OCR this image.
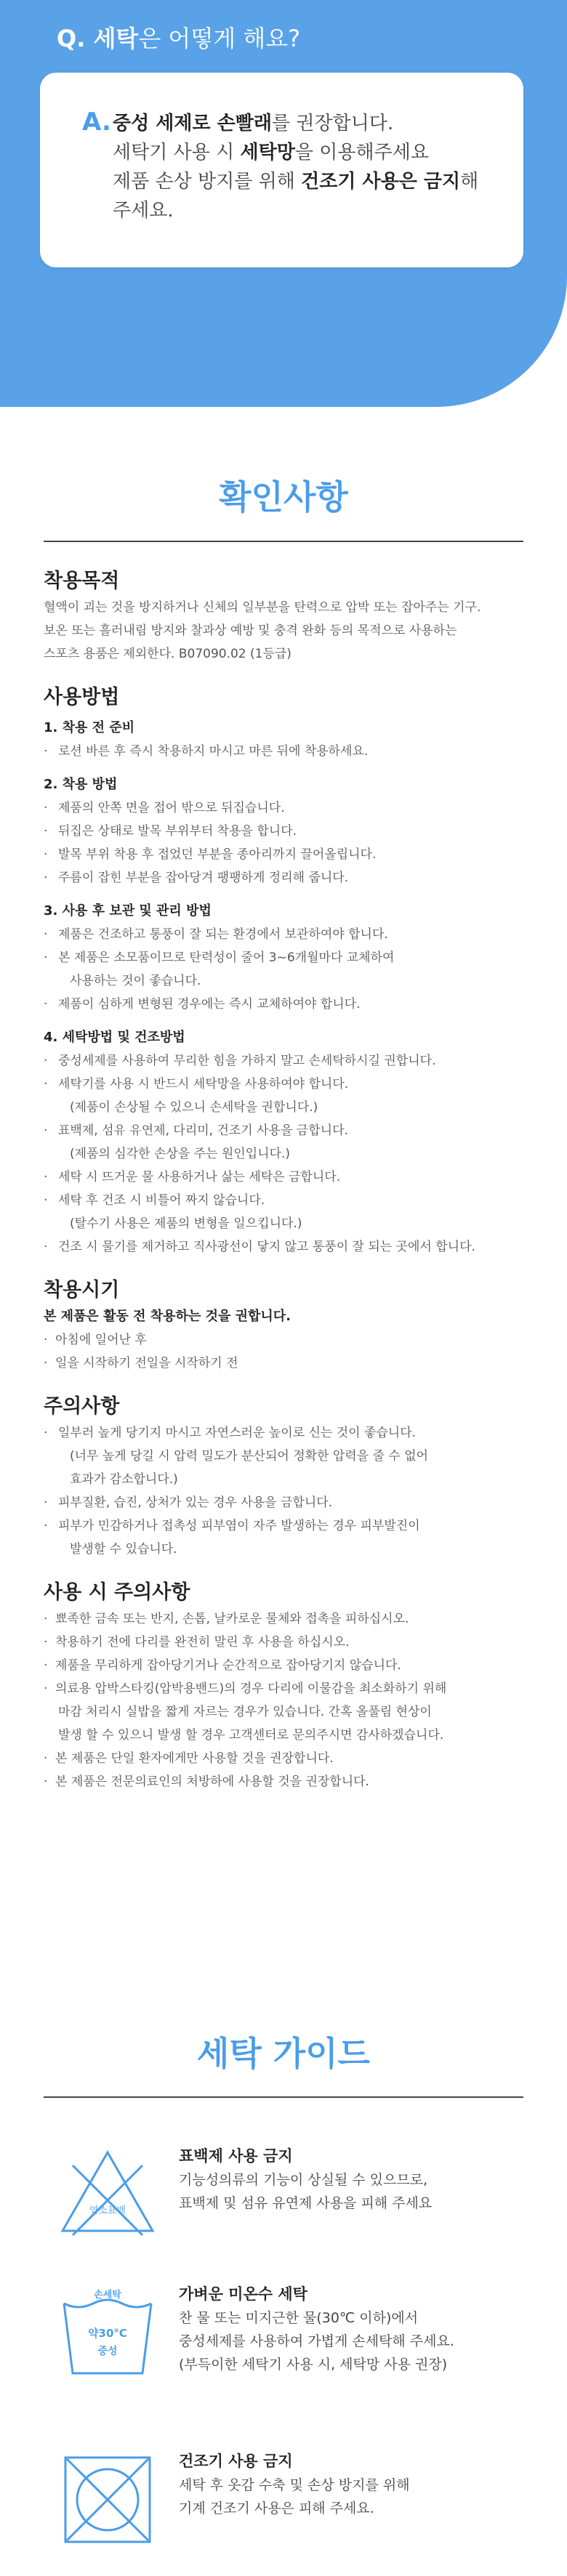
Q. 세탁은 어떻게 해요?
A. 중성 세제로 손빨래를 권장합니다.
세탁기 사용 시 세탁망을 이용해주세요
제품 손상 방지를 위해 건조기 사용은 금지해
주세요.
확인사항
착용목적
혈액이 괴는 것을 방지하거나 신체의 일부분을 탄력으로 압박 또는 잡아주는 기구.
보온 또는 흘러내림 방지와 찰과상 예방 및 충격 완화 등의 목적으로 사용하는
스포츠 용품은 제외한다. B07090.02 (1등급)
사용방법
1. 착용 전 준비
· 로션 바른 후 즉시 착용하지 마시고 마른 뒤에 착용하세요.
2. 착용 방법
· 제품의 안쪽 면을 접어 밖으로 뒤집습니다.
· 뒤집은 상태로 발목 부위부터 착용을 합니다.
· 발목 부위 착용 후 접었던 부분을 종아리까지 끌어올립니다.
· 주름이 잡힌 부분을 잡아당겨 팽팽하게 정리해 줍니다.
3. 사용 후 보관 및 관리 방법
· 제품은 건조하고 통풍이 잘 되는 환경에서 보관하여야 합니다.
· 본 제품은 소모품이므로 탄력성이 줄어 3~6개월마다 교체하여
사용하는 것이 좋습니다.
· 제품이 심하게 변형된 경우에는 즉시 교체하여야 합니다.
4. 세탁방법 및 건조방법
· 중성세제를 사용하여 무리한 힘을 가하지 말고 손세탁하시길 권합니다.
· 세탁기를 사용 시 반드시 세탁망을 사용하여야 합니다.
(제품이 손상될 수 있으니 손세탁을 권합니다.)
· 표백제, 섬유 유연제, 다리미, 건조기 사용을 금합니다.
(제품의 심각한 손상을 주는 원인입니다.)
· 세탁 시 뜨거운 물 사용하거나 삶는 세탁은 금합니다.
· 세탁 후 건조 시 비틀어 짜지 않습니다.
(탈수기 사용은 제품의 변형을 일으킵니다.)
· 건조 시 물기를 제거하고 직사광선이 닿지 않고 통풍이 잘 되는 곳에서 합니다.
착용시기
본 제품은 활동 전 착용하는 것을 권합니다.
· 아침에 일어난 후
· 일을 시작하기 전일을 시작하기 전
주의사항
· 일부러 높게 당기지 마시고 자연스러운 높이로 신는 것이 좋습니다.
(너무 높게 당길 시 압력 밀도가 분산되어 정확한 압력을 줄 수 없어
효과가 감소합니다.)
· 피부질환, 습진, 상처가 있는 경우 사용을 금합니다.
· 피부가 민감하거나 접촉성 피부염이 자주 발생하는 경우 피부발진이
발생할 수 있습니다.
사용 시 주의사항
· 뾰족한 금속 또는 반지, 손톱, 날카로운 물체와 접촉을 피하십시오.
· 착용하기 전에 다리를 완전히 말린 후 사용을 하십시오.
· 제품을 무리하게 잡아당기거나 순간적으로 잡아당기지 않습니다.
· 의료용 압박스타킹(압박용밴드)의 경우 다리에 이물감을 최소화하기 위해
마감 처리시 실밥을 짧게 자르는 경우가 있습니다. 간혹 올풀림 현상이
발생 할 수 있으니 발생 할 경우 고객센터로 문의주시면 감사하겠습니다.
· 본 제품은 단일 환자에게만 사용할 것을 권장합니다.
· 본 제품은 전문의료인의 처방하에 사용할 것을 권장합니다.
세탁 가이드
염소표백
표백제 사용 금지
기능성의류의 기능이 상실될 수 있으므로,
표백제 및 섬유 유연제 사용을 피해 주세요
손세탁
약30°C
중성
가벼운 미온수 세탁
찬 물 또는 미지근한 물(30℃ 이하)에서
중성세제를 사용하여 가볍게 손세탁해 주세요.
(부득이한 세탁기 사용 시, 세탁망 사용 권장)
건조기 사용 금지
세탁 후 옷감 수축 및 손상 방지를 위해
기계 건조기 사용은 피해 주세요.
